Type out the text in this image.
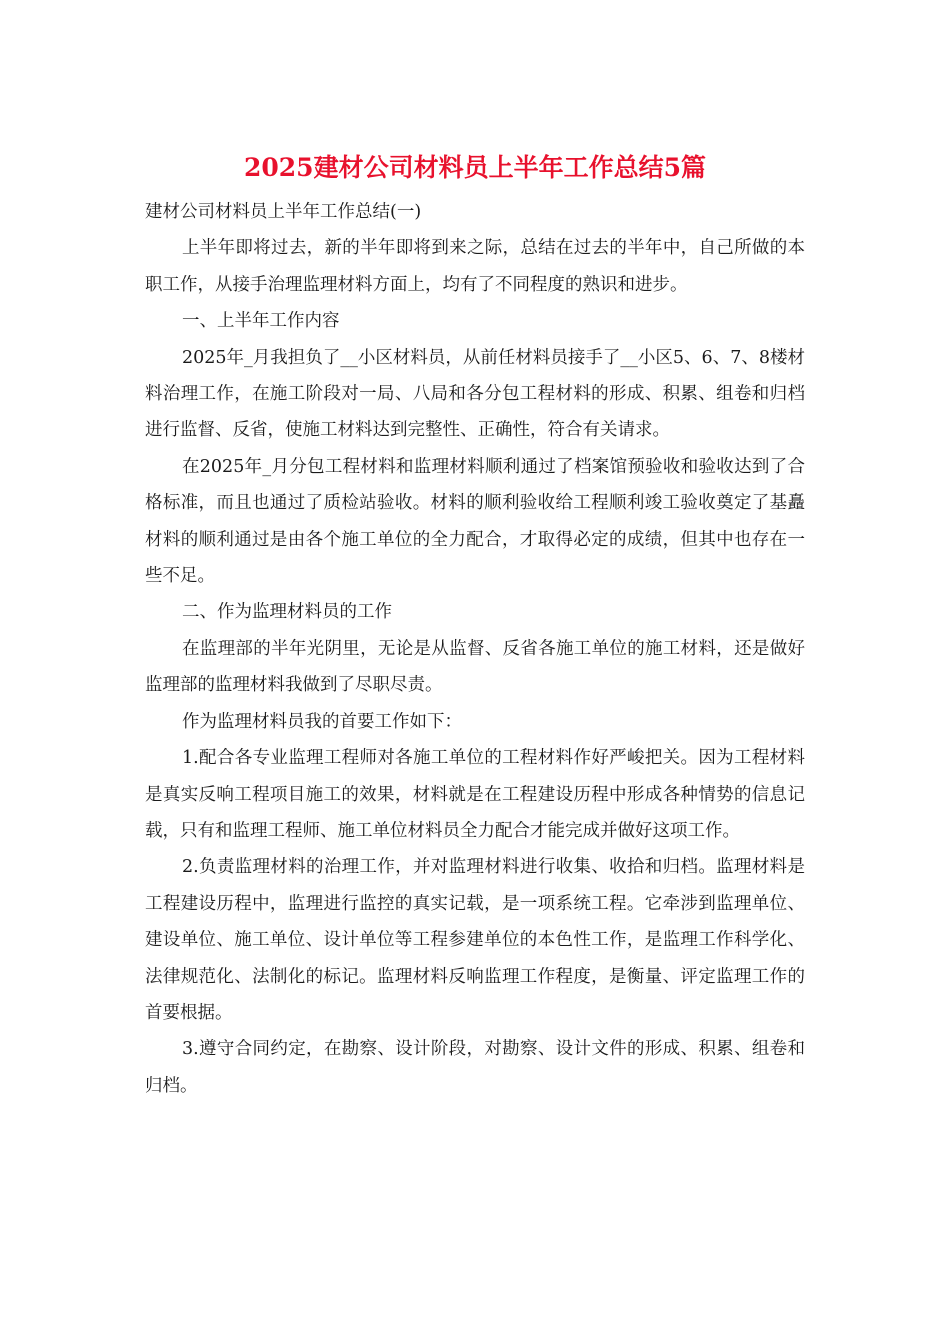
2025建材公司材料员上半年工作总结5篇

建材公司材料员上半年工作总结(一)

上半年即将过去，新的半年即将到来之际，总结在过去的半年中，自己所做的本职工作，从接手治理监理材料方面上，均有了不同程度的熟识和进步。

一、上半年工作内容

2025年_月我担负了__小区材料员，从前任材料员接手了__小区5、6、7、8楼材料治理工作，在施工阶段对一局、八局和各分包工程材料的形成、积累、组卷和归档进行监督、反省，使施工材料达到完整性、正确性，符合有关请求。

在2025年_月分包工程材料和监理材料顺利通过了档案馆预验收和验收达到了合格标准，而且也通过了质检站验收。材料的顺利验收给工程顺利竣工验收奠定了基矗材料的顺利通过是由各个施工单位的全力配合，才取得必定的成绩，但其中也存在一些不足。

二、作为监理材料员的工作

在监理部的半年光阴里，无论是从监督、反省各施工单位的施工材料，还是做好监理部的监理材料我做到了尽职尽责。

作为监理材料员我的首要工作如下：

1.配合各专业监理工程师对各施工单位的工程材料作好严峻把关。因为工程材料是真实反响工程项目施工的效果，材料就是在工程建设历程中形成各种情势的信息记载，只有和监理工程师、施工单位材料员全力配合才能完成并做好这项工作。

2.负责监理材料的治理工作，并对监理材料进行收集、收拾和归档。监理材料是工程建设历程中，监理进行监控的真实记载，是一项系统工程。它牵涉到监理单位、建设单位、施工单位、设计单位等工程参建单位的本色性工作，是监理工作科学化、法律规范化、法制化的标记。监理材料反响监理工作程度，是衡量、评定监理工作的首要根据。

3.遵守合同约定，在勘察、设计阶段，对勘察、设计文件的形成、积累、组卷和归档。
